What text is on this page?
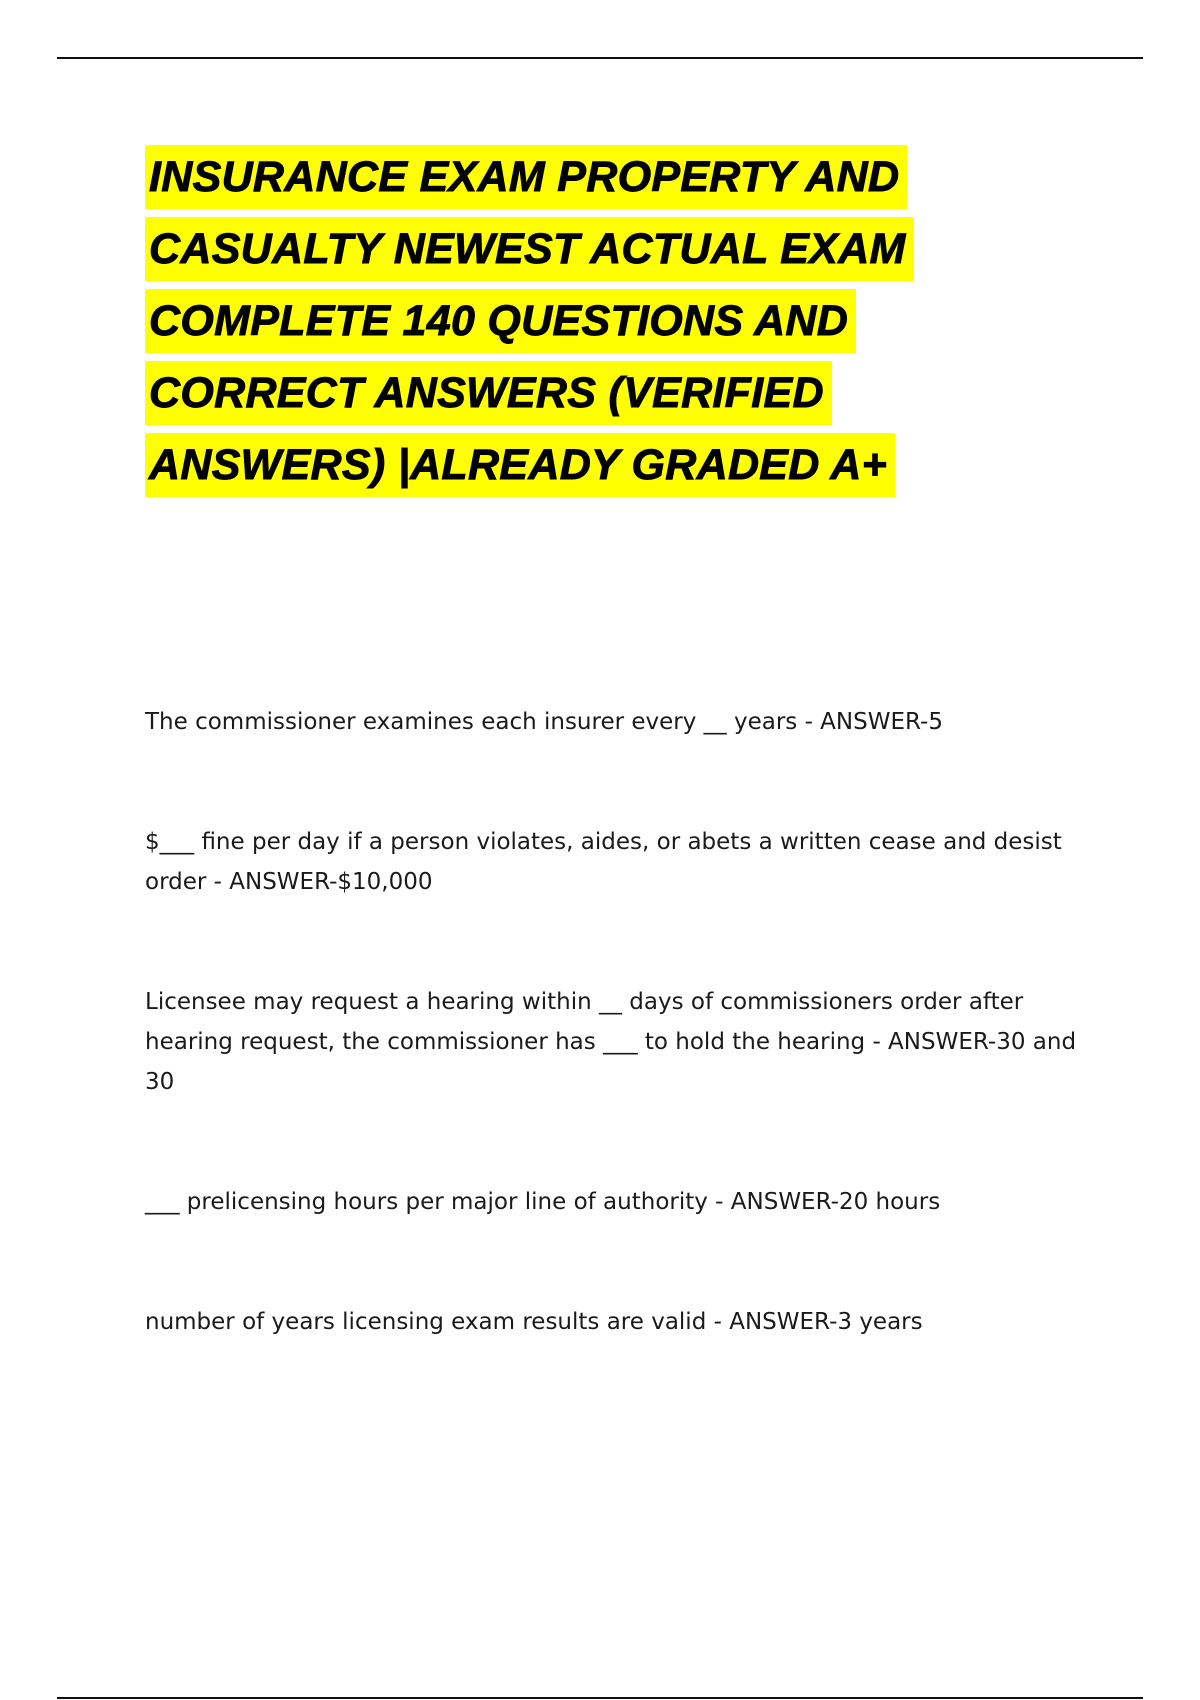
INSURANCE EXAM PROPERTY AND
CASUALTY NEWEST ACTUAL EXAM
COMPLETE 140 QUESTIONS AND
CORRECT ANSWERS (VERIFIED
ANSWERS) |ALREADY GRADED A+

The commissioner examines each insurer every __ years - ANSWER-5

$___ fine per day if a person violates, aides, or abets a written cease and desist order - ANSWER-$10,000

Licensee may request a hearing within __ days of commissioners order after hearing request, the commissioner has ___ to hold the hearing - ANSWER-30 and 30

___ prelicensing hours per major line of authority - ANSWER-20 hours

number of years licensing exam results are valid - ANSWER-3 years
